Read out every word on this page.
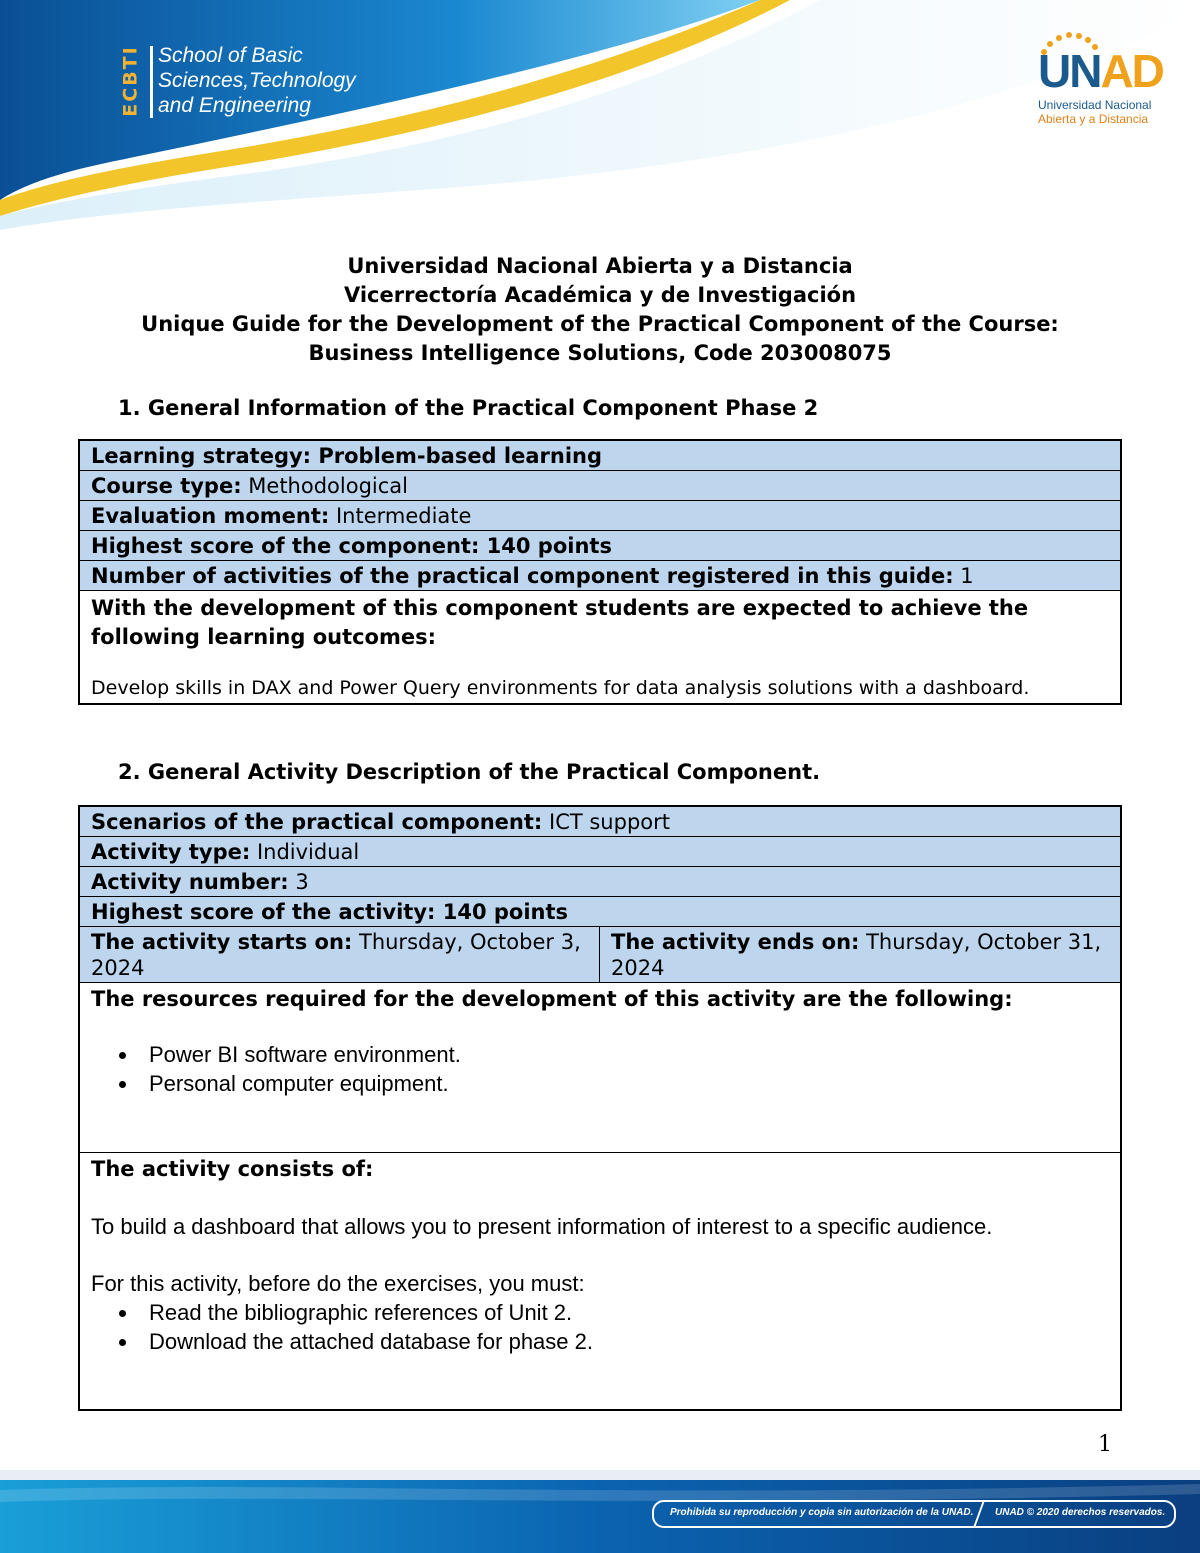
ECBTI School of Basic
Sciences,Technology
and Engineering
UNAD
Universidad Nacional
Abierta y a Distancia
Universidad Nacional Abierta y a Distancia
Vicerrectoría Académica y de Investigación
Unique Guide for the Development of the Practical Component of the Course:
Business Intelligence Solutions, Code 203008075
1. General Information of the Practical Component Phase 2
Learning strategy: Problem-based learning
Course type: Methodological
Evaluation moment: Intermediate
Highest score of the component: 140 points
Number of activities of the practical component registered in this guide: 1
With the development of this component students are expected to achieve the following learning outcomes:
Develop skills in DAX and Power Query environments for data analysis solutions with a dashboard.
2. General Activity Description of the Practical Component.
Scenarios of the practical component: ICT support
Activity type: Individual
Activity number: 3
Highest score of the activity: 140 points
The activity starts on: Thursday, October 3, 2024
The activity ends on: Thursday, October 31, 2024
The resources required for the development of this activity are the following:
• Power BI software environment.
• Personal computer equipment.
The activity consists of:
To build a dashboard that allows you to present information of interest to a specific audience.
For this activity, before do the exercises, you must:
• Read the bibliographic references of Unit 2.
• Download the attached database for phase 2.
1
Prohibida su reproducción y copia sin autorización de la UNAD. UNAD © 2020 derechos reservados.
